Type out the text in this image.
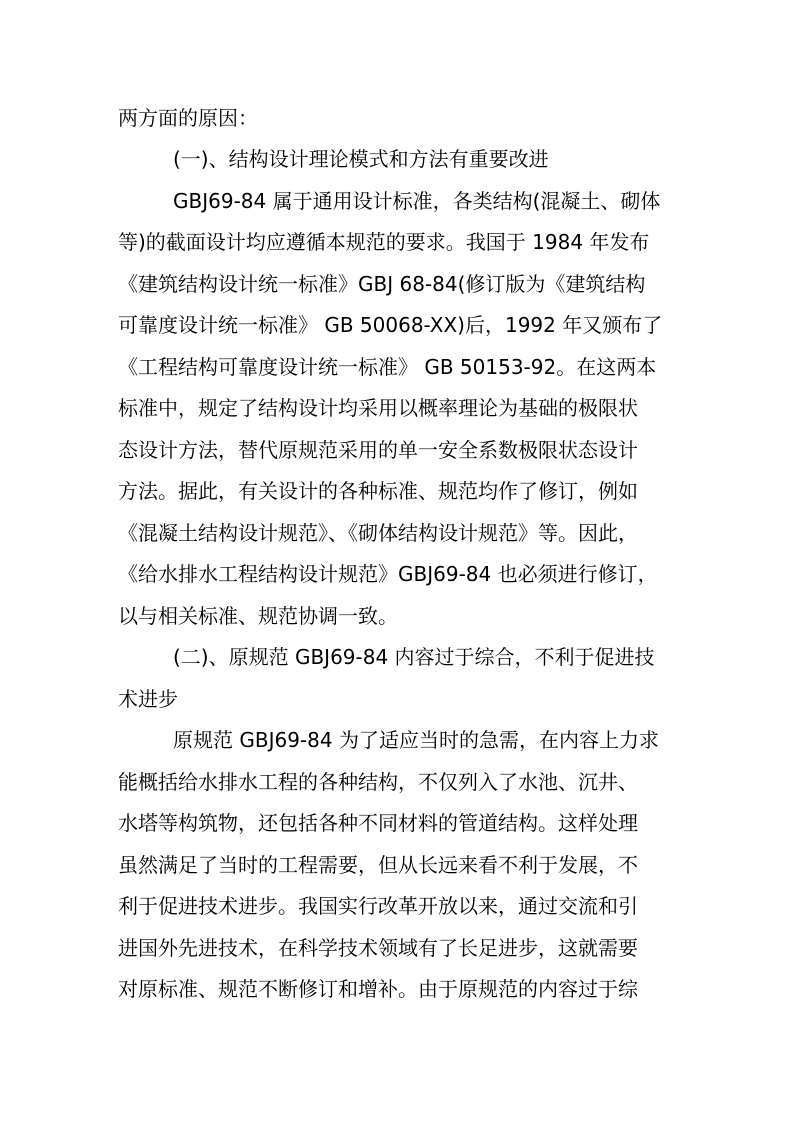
两方面的原因：
(一)、结构设计理论模式和方法有重要改进
GBJ69-84 属于通用设计标准，各类结构(混凝土、砌体
等)的截面设计均应遵循本规范的要求。我国于 1984 年发布
《建筑结构设计统一标准》GBJ 68-84(修订版为《建筑结构
可靠度设计统一标准》 GB 50068-XX)后，1992 年又颁布了
《工程结构可靠度设计统一标准》 GB 50153-92。在这两本
标准中，规定了结构设计均采用以概率理论为基础的极限状
态设计方法，替代原规范采用的单一安全系数极限状态设计
方法。据此，有关设计的各种标准、规范均作了修订，例如
《混凝土结构设计规范》、《砌体结构设计规范》等。因此，
《给水排水工程结构设计规范》GBJ69-84 也必须进行修订，
以与相关标准、规范协调一致。
(二)、原规范 GBJ69-84 内容过于综合，不利于促进技
术进步
原规范 GBJ69-84 为了适应当时的急需，在内容上力求
能概括给水排水工程的各种结构，不仅列入了水池、沉井、
水塔等构筑物，还包括各种不同材料的管道结构。这样处理
虽然满足了当时的工程需要，但从长远来看不利于发展，不
利于促进技术进步。我国实行改革开放以来，通过交流和引
进国外先进技术，在科学技术领域有了长足进步，这就需要
对原标准、规范不断修订和增补。由于原规范的内容过于综
